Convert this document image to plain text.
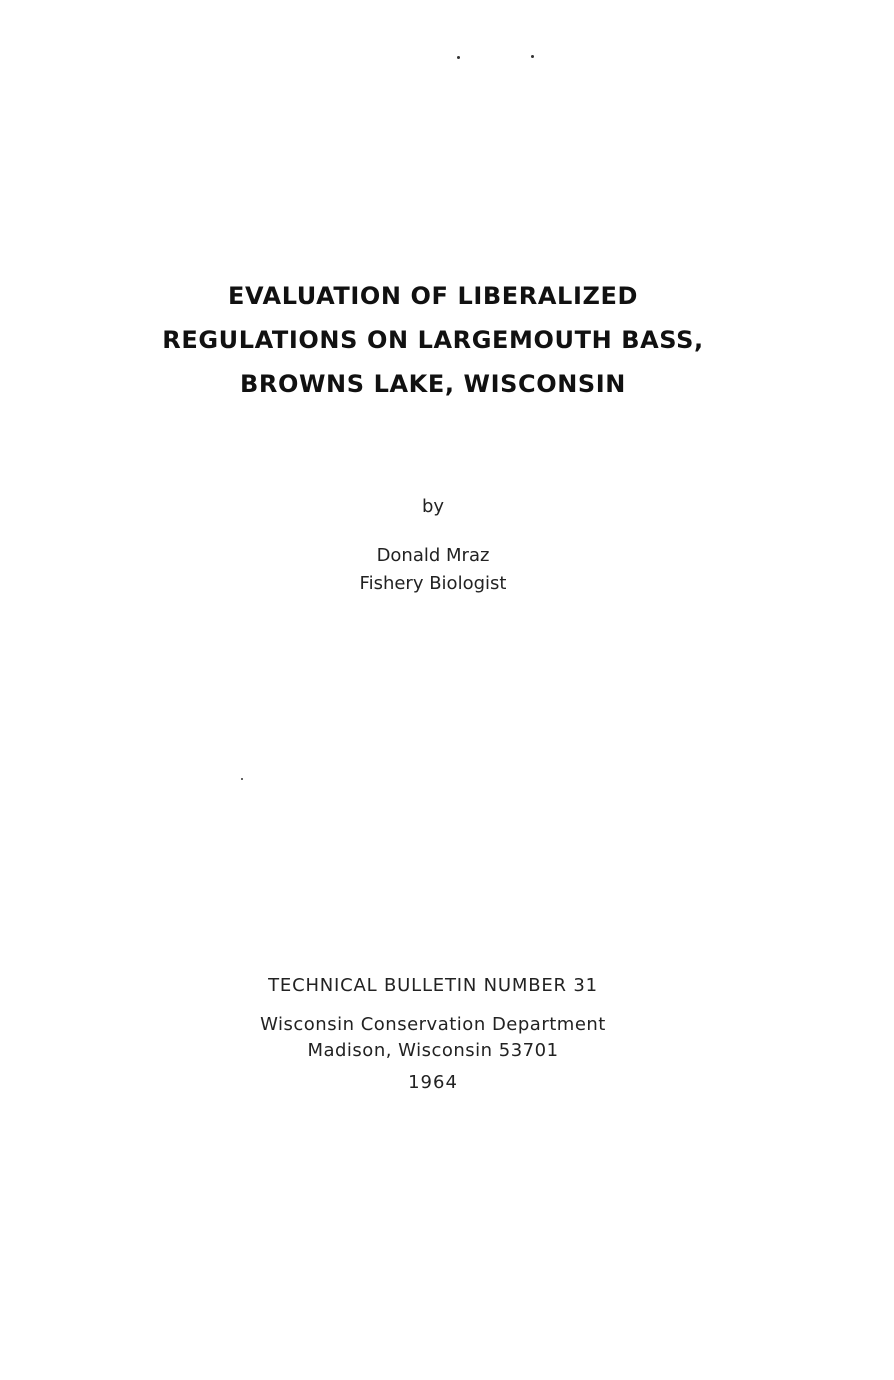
EVALUATION OF LIBERALIZED
REGULATIONS ON LARGEMOUTH BASS,
BROWNS LAKE, WISCONSIN
by
Donald Mraz
Fishery Biologist
TECHNICAL BULLETIN NUMBER 31
Wisconsin Conservation Department
Madison, Wisconsin 53701
1964
